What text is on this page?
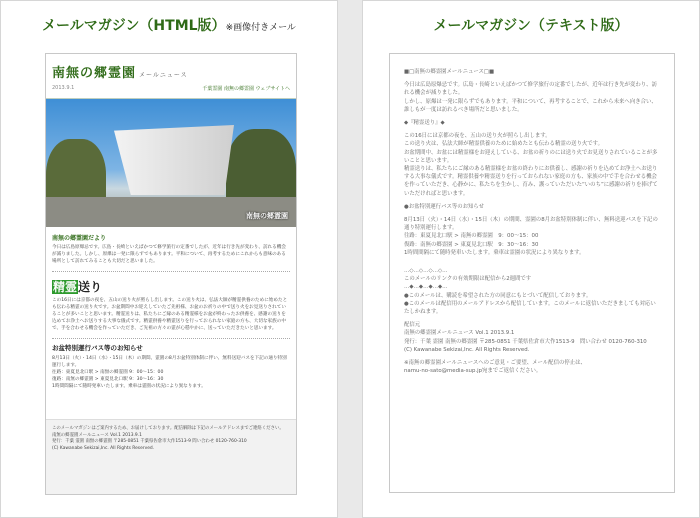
メールマガジン（HTML版）※画像付きメール
南無の郷霊園 メールニュース
2013.9.1	千葉霊園 南無の郷霊園 ウェブサイトへ
南無の郷霊園
南無の郷霊園だより
今日は広島原爆忌です。広島・長崎といえばかつて修学旅行の定番でしたが、近年は行き先が変わり、訪れる機会が減りました。しかし、原爆は一発に限らずでもあります。平和について、再考するためにこれからも意味のある場所として訪れてみることも大切だと思いました。
精霊送り
この16日には京都の夜を、五山の送り火が照らし出します。この送り火は、弘法大師が精霊供養のために始めたとも伝わる精霊の送り火です。お盆期間中お迎えしていたご先祖様、お盆のお祈りの中で送り火をお見送りされていることが多いことと思います。精霊送りは、私たちにご縁のある精霊様をお盆が終わったお供養を、感謝の送りを込めてお浄土へお送りする大事な儀式です。精霊供養や精霊送りを行っておられない家庭の方も、大切な家族の中で、手を合わせる機会を作っていただき、ご先祖の方々の霊が心穏やかに、送っていただきたいと思います。
お盆特別運行バス等のお知らせ
8月13日（火）・14日（水）・15日（木）の期間、霊園の8月お盆特別体制に伴い、無料送迎バスを下記の通り特別運行します。
往路：東夏見北口駅 > 南無の郷霊園 9：00〜15：00
復路：南無の郷霊園 > 東夏見北口駅 9：30〜16：30
1時間間隔にて随時発車いたします。乗車は霊園の状況により異なります。
このメールマガジンはご案内するため、お届けしております。配信解除は下記のメールアドレスまでご連絡ください。
南無の郷霊園メールニュース Vol.1 2013.9.1
発行：千葉 霊園 南無の郷霊園 〒285-0851 千葉県佐倉市大作1513-9 問い合わせ 0120-760-310
(C) Kawanabe Sekizai,Inc. All Rights Reserved.
メールマガジン（テキスト版）

■□南無の郷霊園メールニュース□■

今日は広島原爆忌です。広島・長崎といえばかつて修学旅行の定番でしたが、近年は行き先が変わり、訪れる機会が減りました。

しかし、原爆は一発に限らずでもあります。平和について、再考することで、これから未来へ向き合い、誰しもが一度は訪れるべき場所だと思いました。

◆『精霊送り』◆

この16日には京都の夜を、五山の送り火が照らし出します。

この送り火は、弘法大師が精霊供養のために始めたとも伝わる精霊の送り火です。

お盆期間中、お盆には精霊様をお迎えしている、お盆の祈りのには送り火でお見送りされていることが多いことと思います。

精霊送りは、私たちにご縁のある精霊様をお盆の終わりにお供養し、感謝の祈りを込めてお浄土へお送りする大事な儀式です。精霊供養や精霊送りを行っておられない家庭の方も、家族の中で手を合わせる機会を作っていただき、心静かに、私たちを生かし、育み、護っていただいた“いのち”に感謝の祈りを捧げていただければと思います。

●お盆特別運行バス等のお知らせ

8月13日（火）・14日（水）・15日（木）の期間、霊園の8月お盆特別体制に伴い、無料送迎バスを下記の通り特別運行します。

往路：東夏見北口駅 > 南無の郷霊園　9：00〜15：00

復路：南無の郷霊園 > 東夏見北口駅　9：30〜16：30

1時間間隔にて随時発車いたします。乗車は霊園の状況により異なります。

…◇…◇…◇…◇…

このメールのリンクの有効期限は配信から2週間です

…◆…◆…◆…◆…

●このメールは、購読を希望された方の同意にもとづいて配信しております。

●このメールは配信用のメールアドレスから配信しています。このメールに返信いただきましても対応いたしかねます。

配信元

南無の郷霊園メールニュース Vol.1 2013.9.1

発行：千葉 霊園 南無の郷霊園 〒285-0851 千葉県佐倉市大作1513-9　問い合わせ 0120-760-310

(C) Kawanabe Sekizai,Inc. All Rights Reserved.

※南無の郷霊園メールニュースへのご意見・ご要望、メール配信の停止は、

namu-no-sato@media-sup.jp宛までご返信ください。
